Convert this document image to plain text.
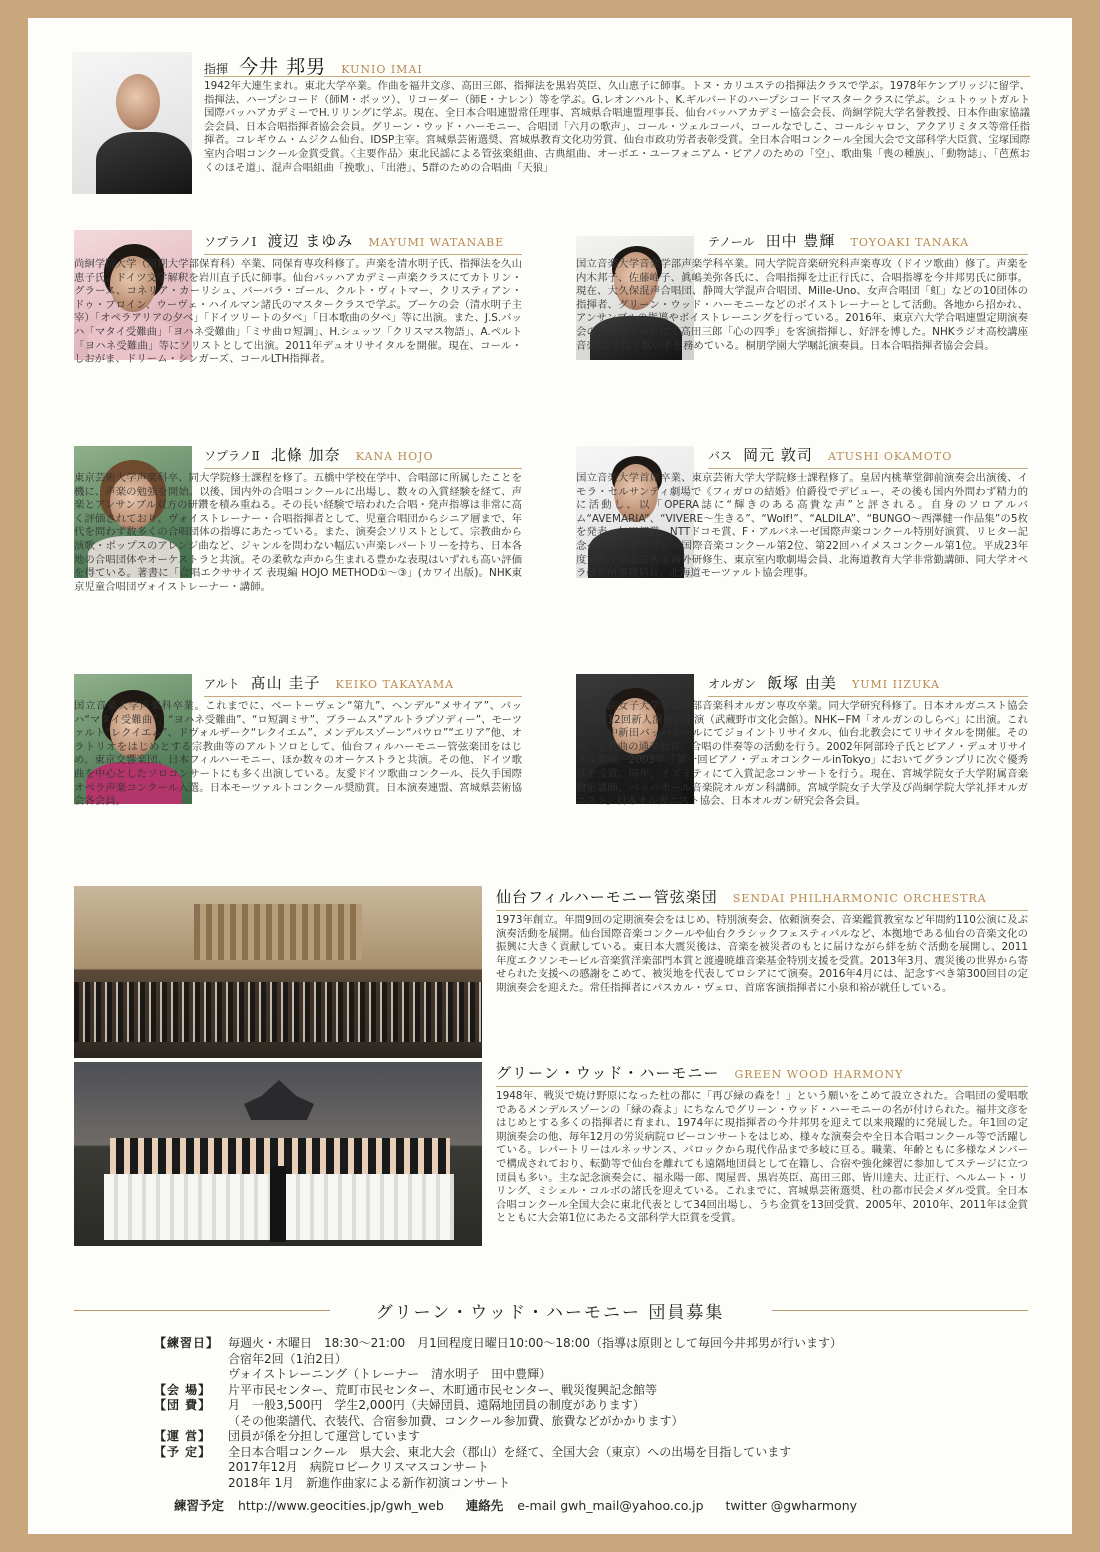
指揮 今井 邦男 KUNIO IMAI

1942年大連生まれ。東北大学卒業。作曲を福井文彦、高田三郎、指揮法を黒岩英臣、久山恵子に師事。トヌ・カリユステの指揮法クラスで学ぶ。1978年ケンブリッジに留学、指揮法、ハープシコード（師M・ポッツ）、リコーダー（師E・ナレン）等を学ぶ。G.レオンハルト、K.ギルバードのハープシコードマスタークラスに学ぶ。シュトゥットガルト国際バッハアカデミーでH.リリングに学ぶ。現在、全日本合唱連盟常任理事、宮城県合唱連盟理事長、仙台バッハアカデミー協会会長、尚絅学院大学名誉教授、日本作曲家協議会会員、日本合唱指揮者協会会員。グリーン・ウッド・ハーモニー、合唱団「六月の歌声」、コール・ツェルコーバ、コールなでしこ、コールシャロン、アクアリミタス等常任指揮者。コレギウム・ムジクム仙台、IDSP主宰。宮城県芸術選奨、宮城県教育文化功労賞、仙台市政功労者表彰受賞。全日本合唱コンクール全国大会で文部科学大臣賞、宝塚国際室内合唱コンクール金賞受賞。〈主要作品〉東北民謡による管弦楽組曲、古典組曲、オーボエ・ユーフォニアム・ピアノのための「空」、歌曲集「喪の種族」、「動物誌」、「芭蕉おくのほそ道」、混声合唱組曲「挽歌」、「出港」、5群のための合唱曲「天狼」

ソプラノⅠ 渡辺 まゆみ MAYUMI WATANABE

尚絅学院大学（短期大学部保育科）卒業、同保育専攻科修了。声楽を清水明子氏、指揮法を久山恵子氏、ドイツ文学解釈を岩川直子氏に師事。仙台バッハアカデミー声楽クラスにてカトリン・グラース、コネリア・カーリシュ、バーバラ・ゴール、クルト・ヴィトマー、クリスティアン・ドゥ・ブロイン、ウーヴェ・ハイルマン諸氏のマスタークラスで学ぶ。ブーケの会（清水明子主宰）「オペラアリアの夕べ」「ドイツリートの夕べ」「日本歌曲の夕べ」等に出演。また、J.S.バッハ「マタイ受難曲」「ヨハネ受難曲」「ミサ曲ロ短調」、H.シュッツ「クリスマス物語」、A.ペルト「ヨハネ受難曲」等にソリストとして出演。2011年デュオリサイタルを開催。現在、コール・しおがま、ドリーム・シンガーズ、コールLTH指揮者。

テノール 田中 豊輝 TOYOAKI TANAKA

国立音楽大学音楽学部声楽学科卒業。同大学院音楽研究科声楽専攻（ドイツ歌曲）修了。声楽を内木邦子、佐藤峰子、眞嶋美弥各氏に、合唱指揮を辻正行氏に、合唱指導を今井邦男氏に師事。現在、大久保混声合唱団、静岡大学混声合唱団、Mille-Uno、女声合唱団「虹」などの10団体の指揮者、グリーン・ウッド・ハーモニーなどのボイストレーナーとして活動。各地から招かれ、アンサンブルの指導やボイストレーニングを行っている。2016年、東京六大学合唱連盟定期演奏会の合同ステージにて高田三郎「心の四季」を客演指揮し、好評を博した。NHKラジオ高校講座音楽Ⅰにて長く歌い手を務めている。桐朋学園大学嘱託演奏員。日本合唱指揮者協会会員。

ソプラノⅡ 北條 加奈 KANA HOJO

東京芸術大学声楽科卒、同大学院修士課程を修了。五橋中学校在学中、合唱部に所属したことを機に、声楽の勉強を開始。以後、国内外の合唱コンクールに出場し、数々の入賞経験を経て、声楽とアンサンブル双方の研鑽を積み重ねる。その長い経験で培われた合唱・発声指導は非常に高く評価されており、ヴォイストレーナー・合唱指揮者として、児童合唱団からシニア層まで、年代を問わず数多くの合唱団体の指導にあたっている。また、演奏会ソリストとして、宗教曲から演歌・ポップスのアレンジ曲など、ジャンルを問わない幅広い声楽レパートリーを持ち、日本各地の合唱団体やオーケストラと共演。その柔軟な声から生まれる豊かな表現はいずれも高い評価を得ている。著書に「合唱エクササイズ 表現編 HOJO METHOD①～③」(カワイ出版)。NHK東京児童合唱団ヴォイストレーナー・講師。

バス 岡元 敦司 ATUSHI OKAMOTO

国立音楽大学首席卒業、東京芸術大学大学院修士課程修了。皇居内桃華堂御前演奏会出演後、イモラ・セルサンティ劇場で《フィガロの結婚》伯爵役でデビュー、その後も国内外問わず精力的に活動し、以「OPERA誌に“輝きのある高貴な声”と評される。自身のソロアルバム“AVEMARIA”、“VIVERE～生きる”、“Wolf!”、“ALDILA”、“BUNGO～西澤健一作品集”の5枚を発表。矢田部賞、NTTドコモ賞、F・アルバネーゼ国際声楽コンクール特別好演賞、リヒター記念ベーゼンドルファー国際音楽コンクール第2位、第22回ハイメスコンクール第1位。平成23年度文化庁新進芸術家海外研修生、東京室内歌劇場会員、北海道教育大学非常勤講師、同大学オペラ研究所事務局長、北海道モーツァルト協会理事。

アルト 髙山 圭子 KEIKO TAKAYAMA

国立音楽大学声楽科卒業。これまでに、ベートーヴェン“第九”、ヘンデル“メサイア”、バッハ“マタイ受難曲”、“ヨハネ受難曲”、“ロ短調ミサ”、ブラームス“アルトラプソディー”、モーツァルト“レクイエム”、ドヴォルザーク“レクイエム”、メンデルスゾーン“パウロ”“エリア”他、オラトリオをはじめとする宗教曲等のアルトソロとして、仙台フィルハーモニー管弦楽団をはじめ、東京交響楽団、日本フィルハーモニー、ほか数々のオーケストラと共演。その他、ドイツ歌曲を中心としたソロコンサートにも多く出演している。友愛ドイツ歌曲コンクール、長久手国際オペラ声楽コンクール入選。日本モーツァルトコンクール奨励賞。日本演奏連盟、宮城県芸術協会各会員。

オルガン 飯塚 由美 YUMI IIZUKA

宮城学院女子大学学芸学部音楽科オルガン専攻卒業。同大学研究科修了。日本オルガニスト協会主催第12回新人演奏会出演（武蔵野市文化会館）。NHK−FM「オルガンのしらべ」に出演。これまで、中新田バッハホールにてジョイントリサイタル、仙台北教会にてリサイタルを開催。その他、宗教曲の通奏低音、合唱の伴奏等の活動を行う。2002年阿部玲子氏とピアノ・デュオリサイタル開催。2003年「第一回ピアノ・デュオコンクールinTokyo」においてグランプリに次ぐ優秀賞を受賞。同年、イズミティにて入賞記念コンサートを行う。現在、宮城学院女子大学附属音楽教室講師。バッハホール音楽院オルガン科講師。宮城学院女子大学及び尚絅学院大学礼拝オルガニスト。日本オルガニスト協会、日本オルガン研究会各会員。

仙台フィルハーモニー管弦楽団 SENDAI PHILHARMONIC ORCHESTRA

1973年創立。年間9回の定期演奏会をはじめ、特別演奏会、依頼演奏会、音楽鑑賞教室など年間約110公演に及ぶ演奏活動を展開。仙台国際音楽コンクールや仙台クラシックフェスティバルなど、本拠地である仙台の音楽文化の振興に大きく貢献している。東日本大震災後は、音楽を被災者のもとに届けながら絆を紡ぐ活動を展開し、2011年度エクソンモービル音楽賞洋楽部門本賞と渡邊暁雄音楽基金特別支援を受賞。2013年3月、震災後の世界から寄せられた支援への感謝をこめて、被災地を代表してロシアにて演奏。2016年4月には、記念すべき第300回目の定期演奏会を迎えた。常任指揮者にパスカル・ヴェロ、首席客演指揮者に小泉和裕が就任している。

グリーン・ウッド・ハーモニー GREEN WOOD HARMONY

1948年、戦災で焼け野原になった杜の都に「再び緑の森を！」という願いをこめて設立された。合唱団の愛唱歌であるメンデルスゾーンの「緑の森よ」にちなんでグリーン・ウッド・ハーモニーの名が付けられた。福井文彦をはじめとする多くの指揮者に育まれ、1974年に現指揮者の今井邦男を迎えて以来飛躍的に発展した。年1回の定期演奏会の他、毎年12月の労災病院ロビーコンサートをはじめ、様々な演奏会や全日本合唱コンクール等で活躍している。レパートリーはルネッサンス、バロックから現代作品まで多岐に亘る。職業、年齢ともに多様なメンバーで構成されており、転勤等で仙台を離れても遠隔地団員として在籍し、合宿や強化練習に参加してステージに立つ団員も多い。主な記念演奏会に、福永陽一郎、関屋晋、黒岩英臣、髙田三郎、皆川達夫、辻正行、ヘルムート・リリング、ミシェル・コルボの諸氏を迎えている。これまでに、宮城県芸術選奨、杜の都市民会メダル受賞。全日本合唱コンクール全国大会に東北代表として34回出場し、うち金賞を13回受賞、2005年、2010年、2011年は金賞とともに大会第1位にあたる文部科学大臣賞を受賞。

グリーン・ウッド・ハーモニー 団員募集
【練習日】 毎週火・木曜日　18:30～21:00　月1回程度日曜日10:00～18:00（指導は原則として毎回今井邦男が行います）
合宿年2回（1泊2日）
ヴォイストレーニング（トレーナー　清水明子　田中豊輝）
【会 場】	片平市民センター、荒町市民センター、木町通市民センター、戦災復興記念館等
【団 費】	月　一般3,500円　学生2,000円（夫婦団員、遠隔地団員の制度があります）
（その他楽譜代、衣装代、合宿参加費、コンクール参加費、旅費などがかかります）
【運 営】	団員が係を分担して運営しています
【予 定】	全日本合唱コンクール　県大会、東北大会（郡山）を経て、全国大会（東京）への出場を目指しています
2017年12月　病院ロビークリスマスコンサート
2018年 1月　新進作曲家による新作初演コンサート
練習予定 http://www.geocities.jp/gwh_web 連絡先 e-mail gwh_mail@yahoo.co.jp twitter @gwharmony
